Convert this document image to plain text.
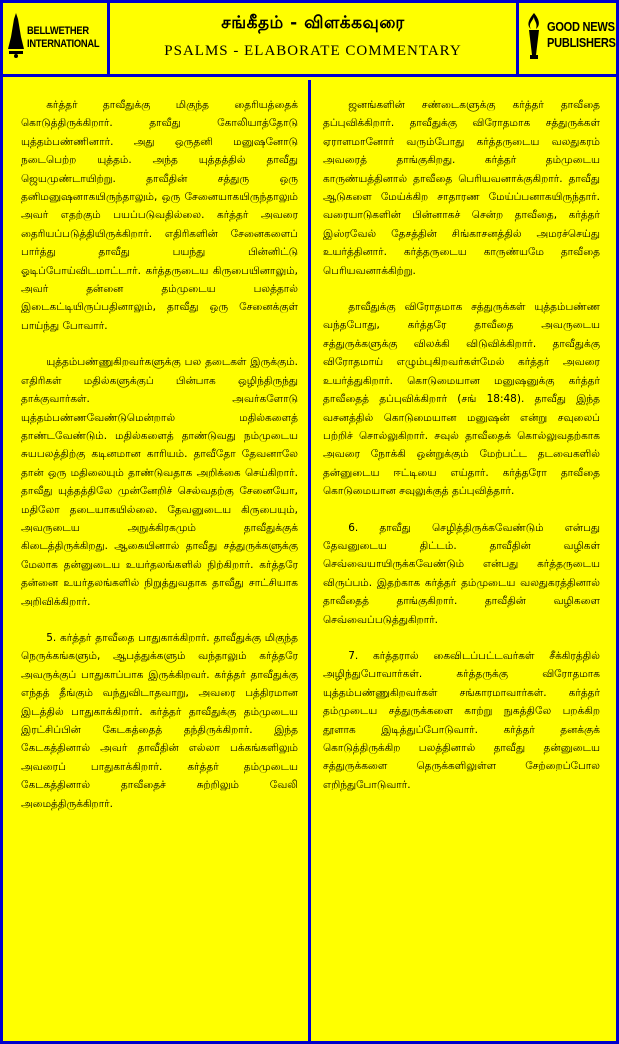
BELLWETHER
INTERNATIONAL
சங்கீதம் - விளக்கவுரை
PSALMS - ELABORATE COMMENTARY
GOOD NEWS
PUBLISHERS

கர்த்தர் தாவீதுக்கு மிகுந்த தைரியத்தைக் கொடுத்திருக்கிறார். தாவீது கோலியாத்தோடு யுத்தம்பண்ணினார். அது ஒருதனி மனுஷனோடு நடைபெற்ற யுத்தம். அந்த யுத்தத்தில் தாவீது ஜெயமுண்டாயிற்று. தாவீதின் சத்துரு ஒரு தனிமனுஷனாகயிருந்தாலும், ஒரு சேனையாகயிருந்தாலும் அவர் எதற்கும் பயப்படுவதில்லை. கர்த்தர் அவரை தைரியப்படுத்தியிருக்கிறார். எதிரிகளின் சேனைகளைப் பார்த்து தாவீது பயந்து பின்னிட்டு ஓடிப்போய்விடமாட்டார். கர்த்தருடைய கிருபையினாலும், அவர் தன்னை தம்முடைய பலத்தால் இடைகட்டியிருப்பதினாலும், தாவீது ஒரு சேனைக்குள் பாய்ந்து போவார்.

யுத்தம்பண்ணுகிறவர்களுக்கு பல தடைகள் இருக்கும். எதிரிகள் மதில்களுக்குப் பின்பாக ஒழிந்திருந்து தாக்குவார்கள். அவர்களோடு யுத்தம்பண்ணவேண்டுமென்றால் மதில்களைத் தாண்டவேண்டும். மதில்களைத் தாண்டுவது நம்முடைய சுயபலத்திற்கு கடினமான காரியம். தாவீதோ தேவனாலே தான் ஒரு மதிலையும் தாண்டுவதாக அறிக்கை செய்கிறார். தாவீது யுத்தத்திலே முன்னேறிச் செல்வதற்கு சேனையோ, மதிலோ தடையாகயில்லை. தேவனுடைய கிருபையும், அவருடைய அநுக்கிரகமும் தாவீதுக்குக் கிடைத்திருக்கிறது. ஆகையினால் தாவீது சத்துருக்களுக்கு மேலாக தன்னுடைய உயர்தலங்களில் நிற்கிறார். கர்த்தரே தன்னை உயர்தலங்களில் நிறுத்துவதாக தாவீது சாட்சியாக அறிவிக்கிறார்.

5. கர்த்தர் தாவீதை பாதுகாக்கிறார். தாவீதுக்கு மிகுந்த நெருக்கங்களும், ஆபத்துக்களும் வந்தாலும் கர்த்தரே அவருக்குப் பாதுகாப்பாக இருக்கிறவர். கர்த்தர் தாவீதுக்கு எந்தத் தீங்கும் வந்துவிடாதவாறு, அவரை பத்திரமான இடத்தில் பாதுகாக்கிறார். கர்த்தர் தாவீதுக்கு தம்முடைய இரட்சிப்பின் கேடகத்தைத் தந்திருக்கிறார். இந்த கேடகத்தினால் அவர் தாவீதின் எல்லா பக்கங்களிலும் அவரைப் பாதுகாக்கிறார். கர்த்தர் தம்முடைய கேடகத்தினால் தாவீதைச் சுற்றிலும் வேலி அமைத்திருக்கிறார்.

ஜனங்களின் சண்டைகளுக்கு கர்த்தர் தாவீதை தப்புவிக்கிறார். தாவீதுக்கு விரோதமாக சத்துருக்கள் ஏராளமானோர் வரும்போது கர்த்தருடைய வலதுகரம் அவரைத் தாங்குகிறது. கர்த்தர் தம்முடைய காருண்யத்தினால் தாவீதை பெரியவனாக்குகிறார். தாவீது ஆடுகளை மேய்க்கிற சாதாரண மேய்ப்பனாகயிருந்தார். வரையாடுகளின் பின்னாகச் சென்ற தாவீதை, கர்த்தர் இஸ்ரவேல் தேசத்தின் சிங்காசனத்தில் அமரச்செய்து உயர்த்தினார். கர்த்தருடைய காருண்யமே தாவீதை பெரியவனாக்கிற்று.

தாவீதுக்கு விரோதமாக சத்துருக்கள் யுத்தம்பண்ண வந்தபோது, கர்த்தரே தாவீதை அவருடைய சத்துருக்களுக்கு விலக்கி விடுவிக்கிறார். தாவீதுக்கு விரோதமாய் எழும்புகிறவர்கள்மேல் கர்த்தர் அவரை உயர்த்துகிறார். கொடுமையான மனுஷனுக்கு கர்த்தர் தாவீதைத் தப்புவிக்கிறார் (சங் 18:48). தாவீது இந்த வசனத்தில் கொடுமையான மனுஷன் என்று சவுலைப் பற்றிச் சொல்லுகிறார். சவுல் தாவீதைக் கொல்லுவதற்காக அவரை நோக்கி ஒன்றுக்கும் மேற்பட்ட தடவைகளில் தன்னுடைய ஈட்டியை எய்தார். கர்த்தரோ தாவீதை கொடுமையான சவுலுக்குத் தப்புவித்தார்.

6. தாவீது செழித்திருக்கவேண்டும் என்பது தேவனுடைய திட்டம். தாவீதின் வழிகள் செவ்வையாயிருக்கவேண்டும் என்பது கர்த்தருடைய விருப்பம். இதற்காக கர்த்தர் தம்முடைய வலதுகரத்தினால் தாவீதைத் தாங்குகிறார். தாவீதின் வழிகளை செவ்வைப்படுத்துகிறார்.

7. கர்த்தரால் கைவிடப்பட்டவர்கள் சீக்கிரத்தில் அழிந்துபோவார்கள். கர்த்தருக்கு விரோதமாக யுத்தம்பண்ணுகிறவர்கள் சங்காரமாவார்கள். கர்த்தர் தம்முடைய சத்துருக்களை காற்று நுகத்திலே பறக்கிற தூளாக இடித்துப்போடுவார். கர்த்தர் தனக்குக் கொடுத்திருக்கிற பலத்தினால் தாவீது தன்னுடைய சத்துருக்களை தெருக்களிலுள்ள சேற்றைப்போல எறிந்துபோடுவார்.
